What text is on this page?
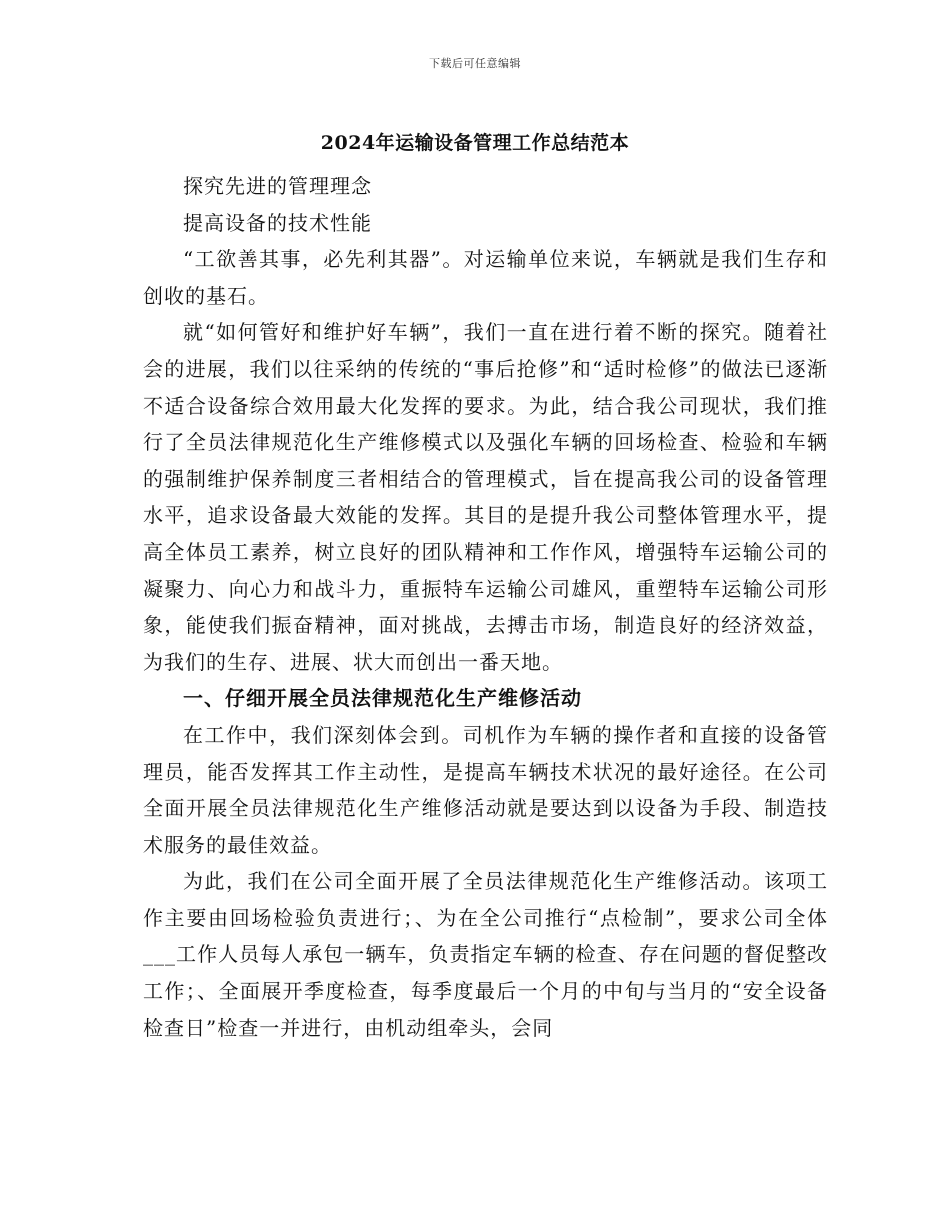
下载后可任意编辑
2024年运输设备管理工作总结范本

探究先进的管理理念

提高设备的技术性能

“工欲善其事，必先利其器”。对运输单位来说，车辆就是我们生存和创收的基石。

就“如何管好和维护好车辆”，我们一直在进行着不断的探究。随着社会的进展，我们以往采纳的传统的“事后抢修”和“适时检修”的做法已逐渐不适合设备综合效用最大化发挥的要求。为此，结合我公司现状，我们推行了全员法律规范化生产维修模式以及强化车辆的回场检查、检验和车辆的强制维护保养制度三者相结合的管理模式，旨在提高我公司的设备管理水平，追求设备最大效能的发挥。其目的是提升我公司整体管理水平，提高全体员工素养，树立良好的团队精神和工作作风，增强特车运输公司的凝聚力、向心力和战斗力，重振特车运输公司雄风，重塑特车运输公司形象，能使我们振奋精神，面对挑战，去搏击市场，制造良好的经济效益，为我们的生存、进展、状大而创出一番天地。

一、仔细开展全员法律规范化生产维修活动

在工作中，我们深刻体会到。司机作为车辆的操作者和直接的设备管理员，能否发挥其工作主动性，是提高车辆技术状况的最好途径。在公司全面开展全员法律规范化生产维修活动就是要达到以设备为手段、制造技术服务的最佳效益。

为此，我们在公司全面开展了全员法律规范化生产维修活动。该项工作主要由回场检验负责进行；、为在全公司推行“点检制”，要求公司全体___工作人员每人承包一辆车，负责指定车辆的检查、存在问题的督促整改工作；、全面展开季度检查，每季度最后一个月的中旬与当月的“安全设备检查日”检查一并进行，由机动组牵头，会同
